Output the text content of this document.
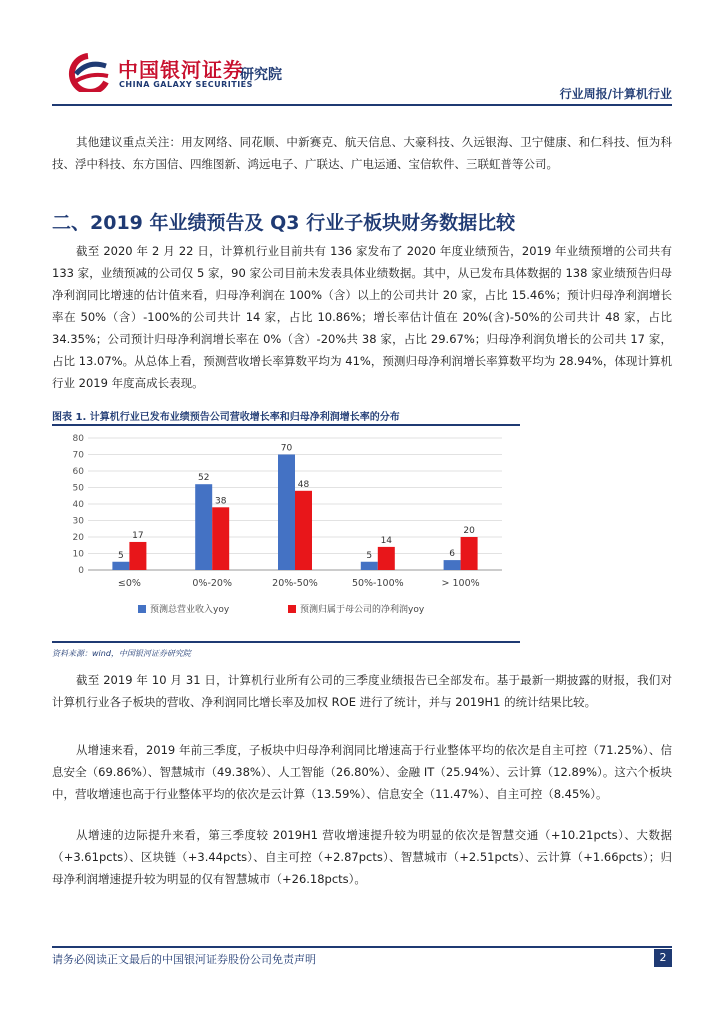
中国银河证券
CHINA GALAXY SECURITIES
研究院
行业周报/计算机行业
其他建议重点关注：用友网络、同花顺、中新赛克、航天信息、大豪科技、久远银海、卫宁健康、和仁科技、恒为科技、浮中科技、东方国信、四维图新、鸿远电子、广联达、广电运通、宝信软件、三联虹普等公司。
二、2019 年业绩预告及 Q3 行业子板块财务数据比较
截至 2020 年 2 月 22 日，计算机行业目前共有 136 家发布了 2020 年度业绩预告，2019 年业绩预增的公司共有 133 家，业绩预减的公司仅 5 家，90 家公司目前未发表具体业绩数据。其中，从已发布具体数据的 138 家业绩预告归母净利润同比增速的估计值来看，归母净利润在 100%（含）以上的公司共计 20 家，占比 15.46%；预计归母净利润增长率在 50%（含）-100%的公司共计 14 家，占比 10.86%；增长率估计值在 20%(含)-50%的公司共计 48 家，占比 34.35%；公司预计归母净利润增长率在 0%（含）-20%共 38 家，占比 29.67%；归母净利润负增长的公司共 17 家，占比 13.07%。从总体上看，预测营收增长率算数平均为 41%，预测归母净利润增长率算数平均为 28.94%，体现计算机行业 2019 年度高成长表现。
图表 1. 计算机行业已发布业绩预告公司营收增长率和归母净利润增长率的分布
0
10
20
30
40
50
60
70
80
5
17
≤0%
52
38
0%-20%
70
48
20%-50%
5
14
50%-100%
6
20
> 100%
预测总营业收入yoy	预测归属于母公司的净利润yoy
资料来源：wind，中国银河证券研究院
截至 2019 年 10 月 31 日，计算机行业所有公司的三季度业绩报告已全部发布。基于最新一期披露的财报，我们对计算机行业各子板块的营收、净利润同比增长率及加权 ROE 进行了统计，并与 2019H1 的统计结果比较。
从增速来看，2019 年前三季度，子板块中归母净利润同比增速高于行业整体平均的依次是自主可控（71.25%）、信息安全（69.86%）、智慧城市（49.38%）、人工智能（26.80%）、金融 IT（25.94%）、云计算（12.89%）。这六个板块中，营收增速也高于行业整体平均的依次是云计算（13.59%）、信息安全（11.47%）、自主可控（8.45%）。
从增速的边际提升来看，第三季度较 2019H1 营收增速提升较为明显的依次是智慧交通（+10.21pcts）、大数据（+3.61pcts）、区块链（+3.44pcts）、自主可控（+2.87pcts）、智慧城市（+2.51pcts）、云计算（+1.66pcts）；归母净利润增速提升较为明显的仅有智慧城市（+26.18pcts）。
请务必阅读正文最后的中国银河证券股份公司免责声明	2
